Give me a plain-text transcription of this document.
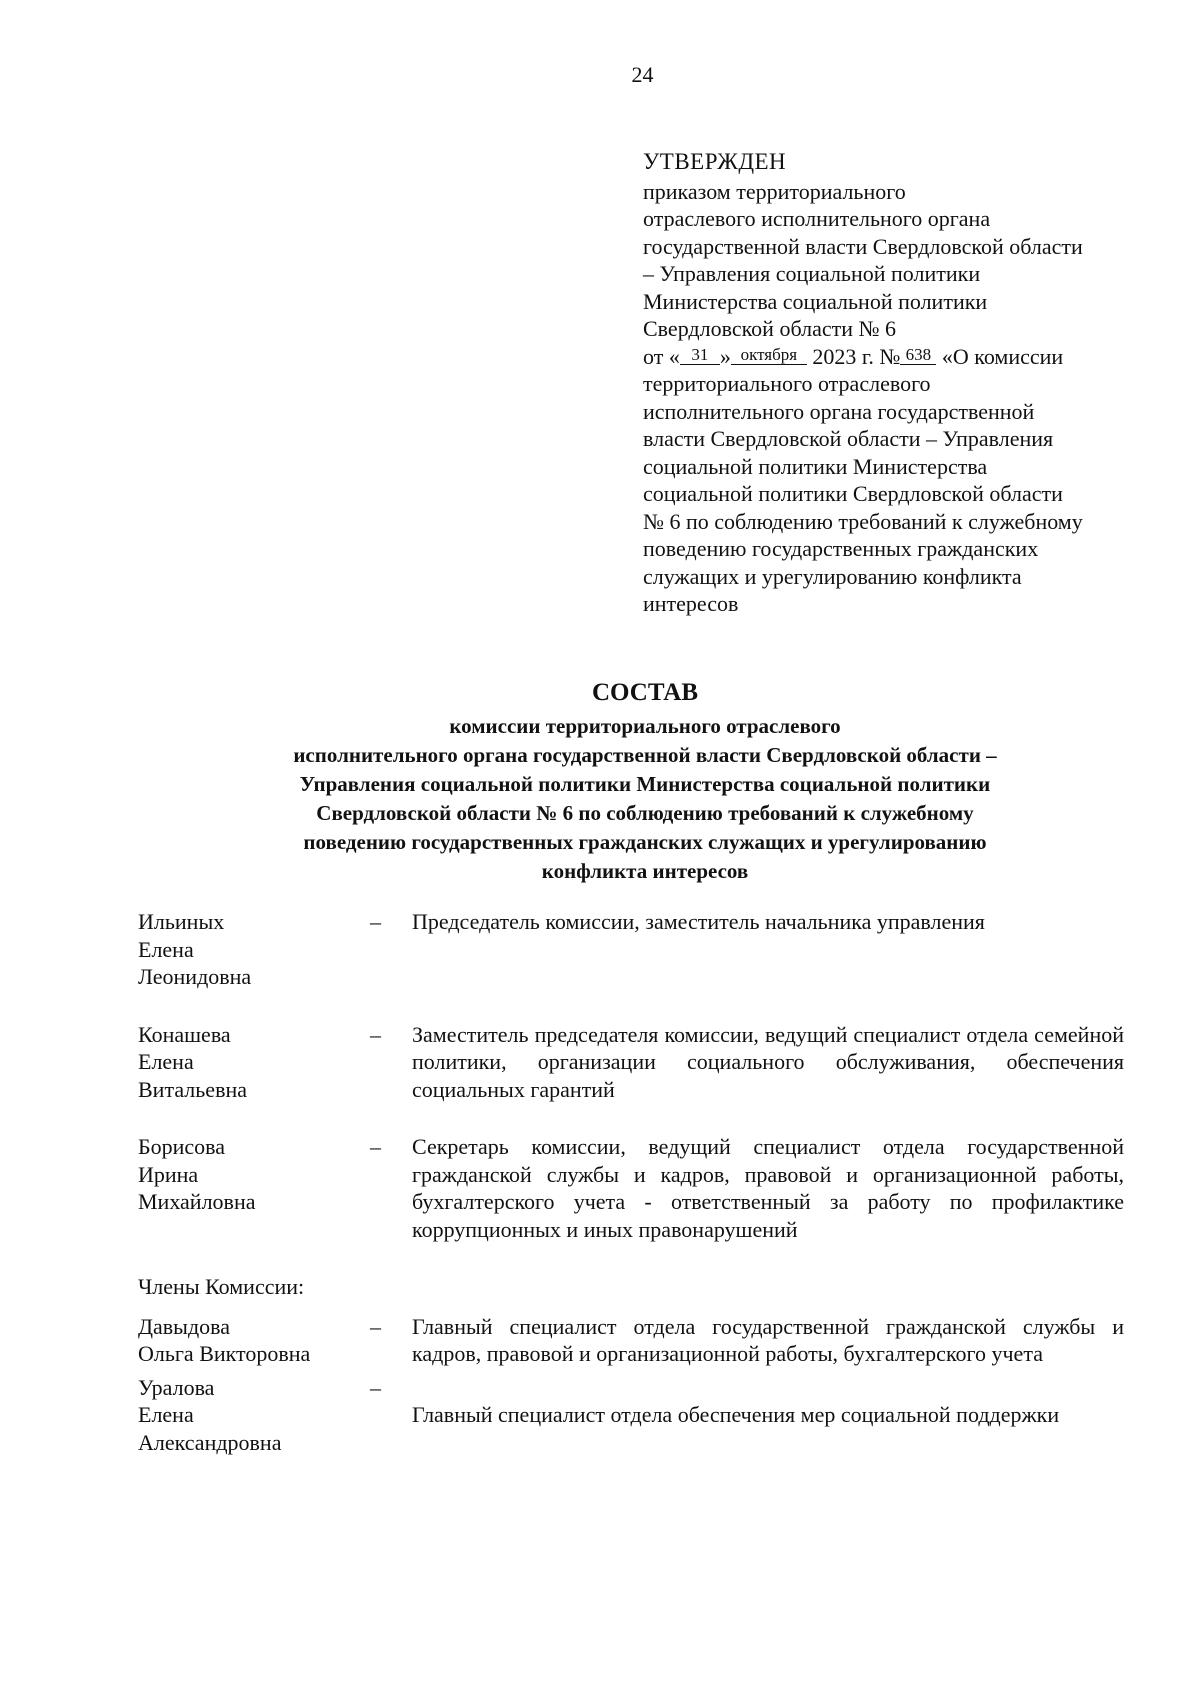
24
УТВЕРЖДЕН
приказом территориального
отраслевого исполнительного органа
государственной власти Свердловской области
– Управления социальной политики
Министерства социальной политики
Свердловской области № 6
от « 31 » октября 2023 г. № 638 «О комиссии
территориального отраслевого
исполнительного органа государственной
власти Свердловской области – Управления
социальной политики Министерства
социальной политики Свердловской области
№ 6 по соблюдению требований к служебному
поведению государственных гражданских
служащих и урегулированию конфликта
интересов
СОСТАВ
комиссии территориального отраслевого
исполнительного органа государственной власти Свердловской области –
Управления социальной политики Министерства социальной политики
Свердловской области № 6 по соблюдению требований к служебному
поведению государственных гражданских служащих и урегулированию
конфликта интересов
Ильиных
Елена
Леонидовна
–	Председатель комиссии, заместитель начальника управления
Конашева
Елена
Витальевна
–	Заместитель председателя комиссии, ведущий специалист отдела семейной политики, организации социального обслуживания, обеспечения социальных гарантий
Борисова
Ирина
Михайловна
–	Секретарь комиссии, ведущий специалист отдела государственной гражданской службы и кадров, правовой и организационной работы, бухгалтерского учета - ответственный за работу по профилактике коррупционных и иных правонарушений
Члены Комиссии:
Давыдова
Ольга Викторовна
–	Главный специалист отдела государственной гражданской службы и кадров, правовой и организационной работы, бухгалтерского учета
Уралова
Елена
Александровна
–
Главный специалист отдела обеспечения мер социальной поддержки
